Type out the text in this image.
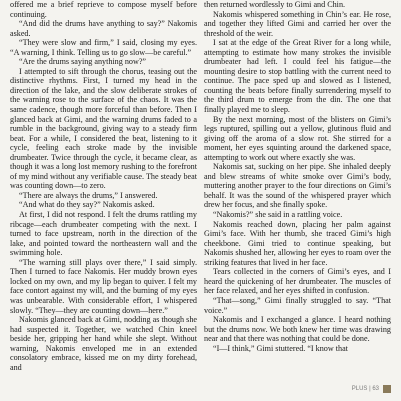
offered me a brief reprieve to compose myself before continuing.

“And did the drums have anything to say?” Nakomis asked.

“They were slow and firm,” I said, closing my eyes. “A warning, I think. Telling us to go slow—be careful.”

“Are the drums saying anything now?”

I attempted to sift through the chorus, teasing out the distinctive rhythms. First, I turned my head in the direction of the lake, and the slow deliberate strokes of the warning rose to the surface of the chaos. It was the same cadence, though more forceful than before. Then I glanced back at Gimi, and the warning drums faded to a rumble in the background, giving way to a steady firm beat. For a while, I considered the beat, listening to it cycle, feeling each stroke made by the invisible drumbeater. Twice through the cycle, it became clear, as though it was a long lost memory rushing to the forefront of my mind without any verifiable cause. The steady beat was counting down—to zero.

“There are always the drums,” I answered.

“And what do they say?” Nakomis asked.

At first, I did not respond. I felt the drums rattling my ribcage—each drumbeater competing with the next. I turned to face upstream, north in the direction of the lake, and pointed toward the northeastern wall and the swimming hole.

“The warning still plays over there,” I said simply. Then I turned to face Nakomis. Her muddy brown eyes locked on my own, and my lip began to quiver. I felt my face contort against my will, and the burning of my eyes was unbearable. With considerable effort, I whispered slowly. “They—they are counting down—here.”

Nakomis glanced back at Gimi, nodding as though she had suspected it. Together, we watched Chin kneel beside her, gripping her hand while she slept. Without warning, Nakomis enveloped me in an extended consolatory embrace, kissed me on my dirty forehead, and

then returned wordlessly to Gimi and Chin.

Nakomis whispered something in Chin’s ear. He rose, and together they lifted Gimi and carried her over the threshold of the weir.

I sat at the edge of the Great River for a long while, attempting to estimate how many strokes the invisible drumbeater had left. I could feel his fatigue—the mounting desire to stop battling with the current need to continue. The pace sped up and slowed as I listened, counting the beats before finally surrendering myself to the third drum to emerge from the din. The one that finally played me to sleep.

By the next morning, most of the blisters on Gimi’s legs ruptured, spilling out a yellow, glutinous fluid and giving off the aroma of a slow rot. She stirred for a moment, her eyes squinting around the darkened space, attempting to work out where exactly she was.

Nakomis sat, sucking on her pipe. She inhaled deeply and blew streams of white smoke over Gimi’s body, muttering another prayer to the four directions on Gimi’s behalf. It was the sound of the whispered prayer which drew her focus, and she finally spoke.

“Nakomis?” she said in a rattling voice.

Nakomis reached down, placing her palm against Gimi’s face. With her thumb, she traced Gimi’s high cheekbone. Gimi tried to continue speaking, but Nakomis shushed her, allowing her eyes to roam over the striking features that lived in her face.

Tears collected in the corners of Gimi’s eyes, and I heard the quickening of her drumbeater. The muscles of her face relaxed, and her eyes shifted in confusion.

“That—song,” Gimi finally struggled to say. “That voice.”

Nakomis and I exchanged a glance. I heard nothing but the drums now. We both knew her time was drawing near and that there was nothing that could be done.

“I—I think,” Gimi stuttered. “I know that

PLUS | 63
